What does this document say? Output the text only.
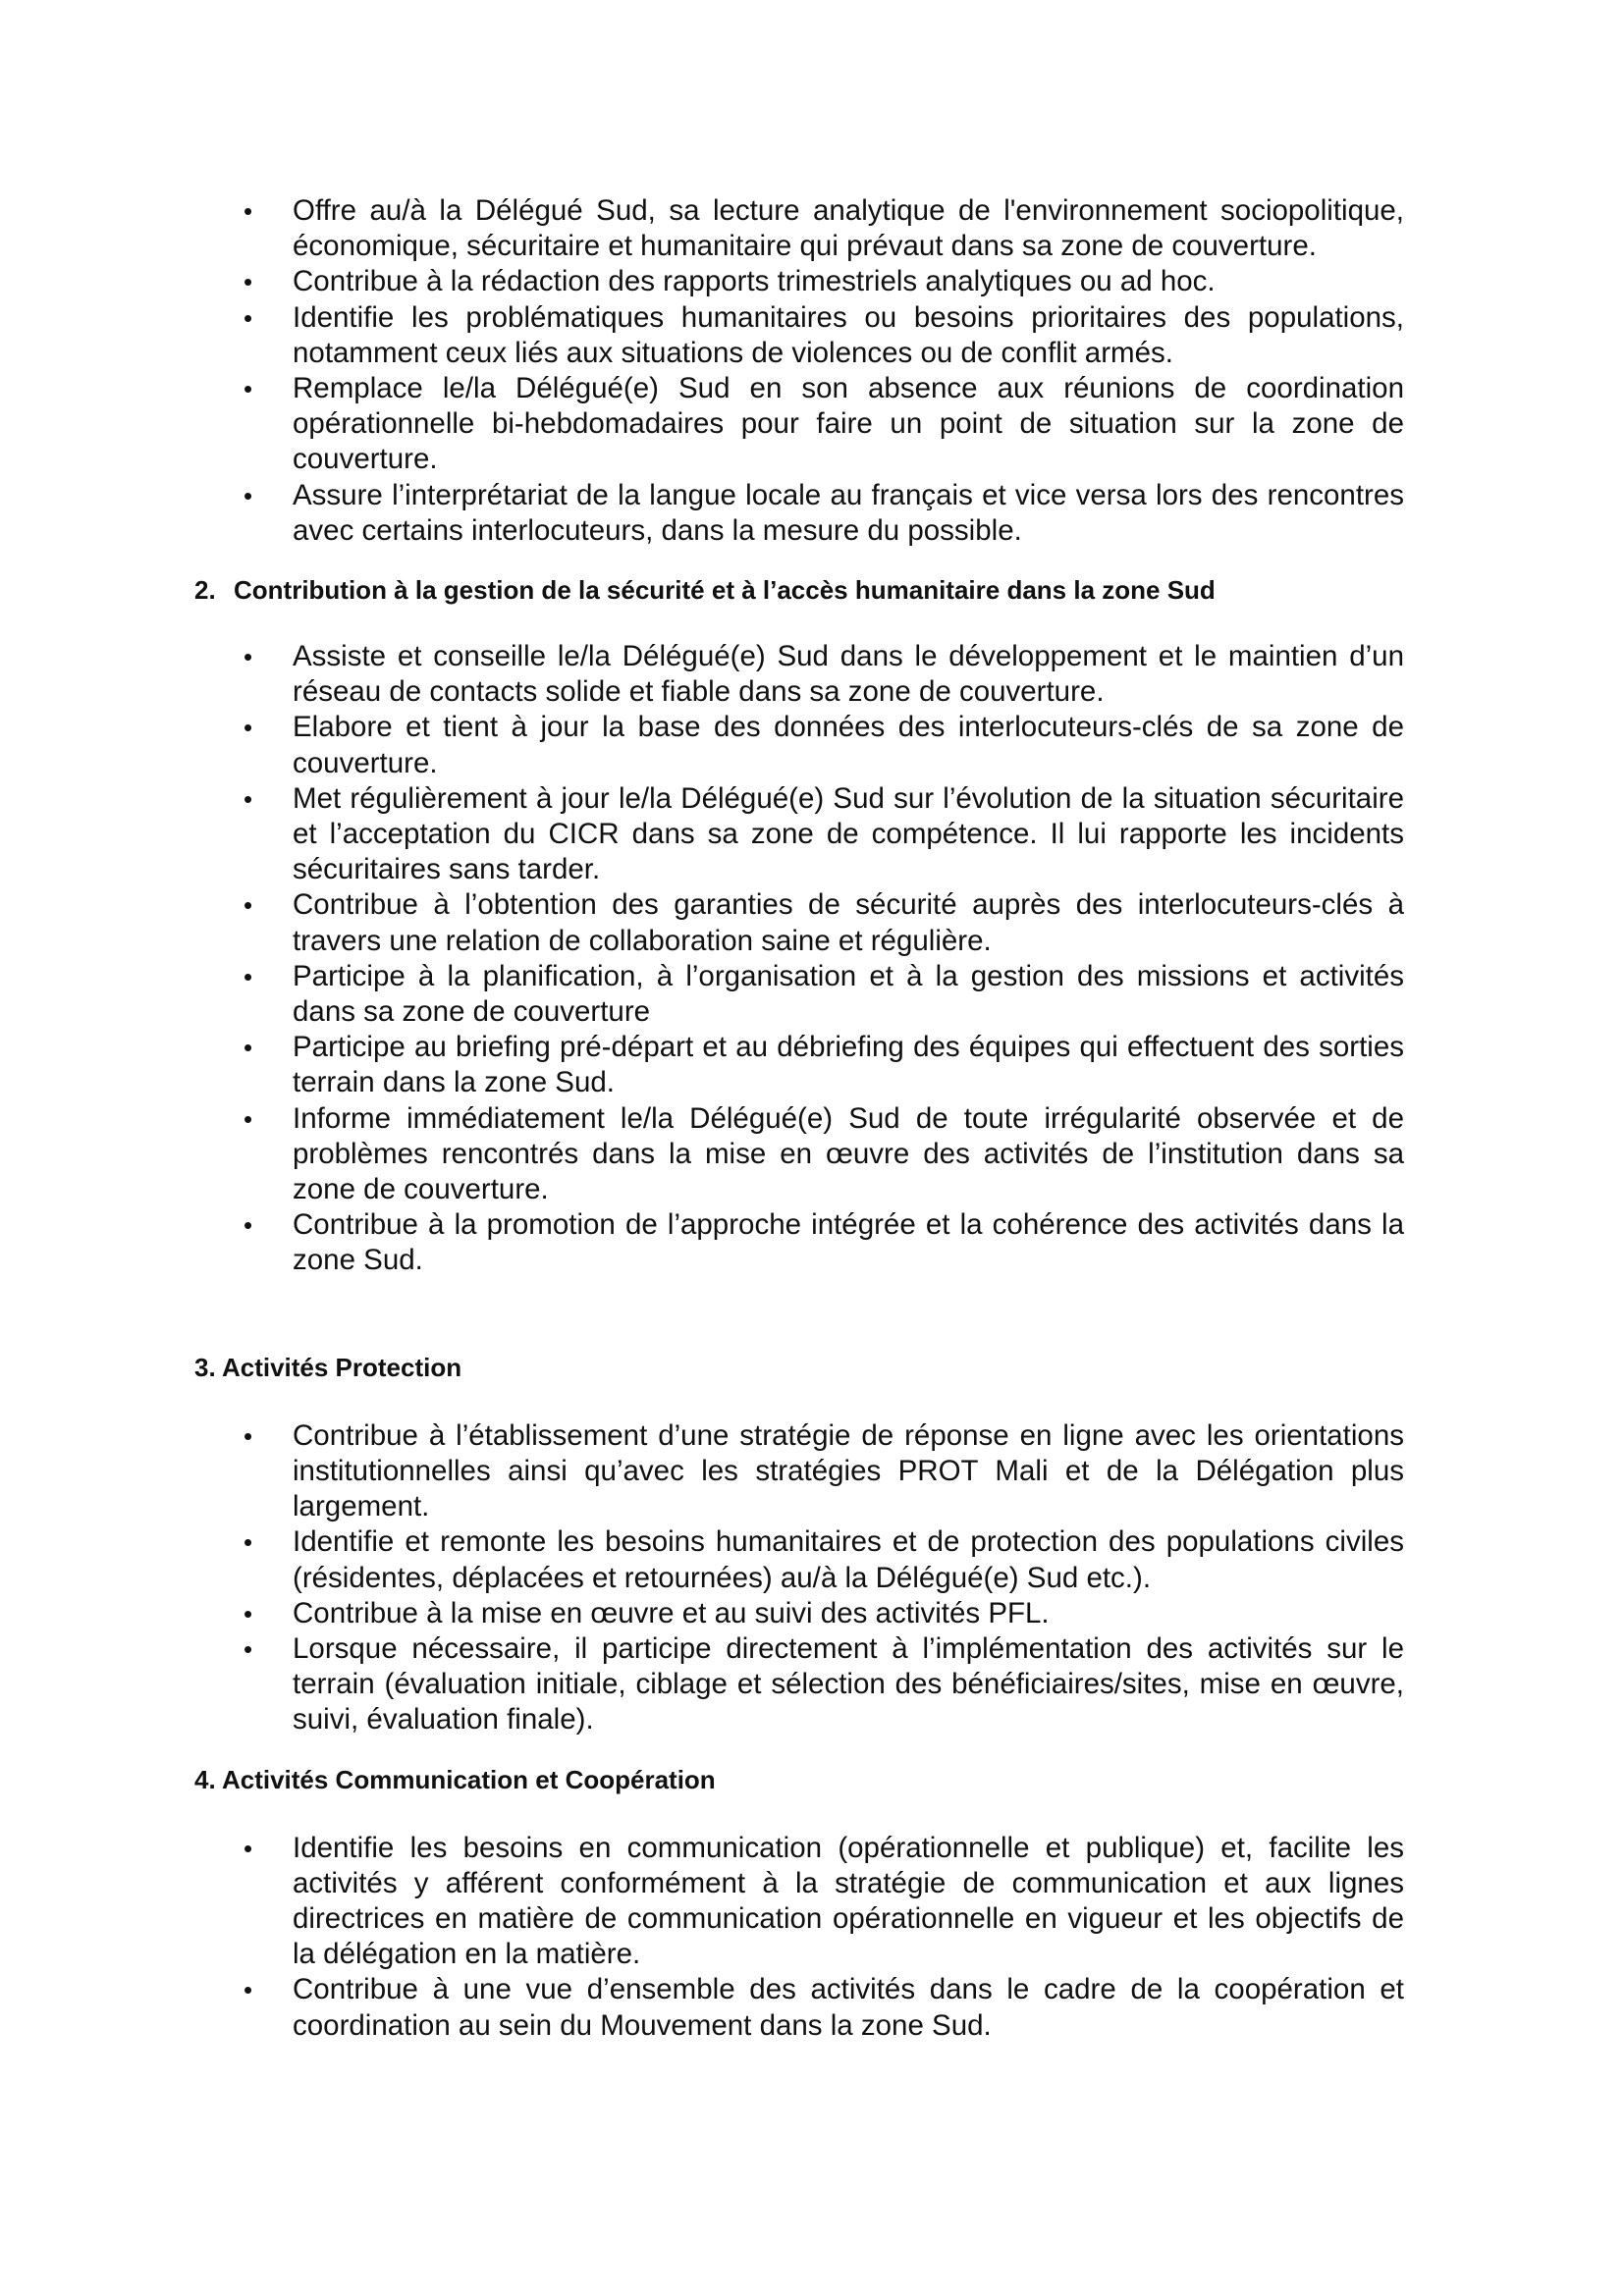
• Offre au/à la Délégué Sud, sa lecture analytique de l'environnement sociopolitique, économique, sécuritaire et humanitaire qui prévaut dans sa zone de couverture.
• Contribue à la rédaction des rapports trimestriels analytiques ou ad hoc.
• Identifie les problématiques humanitaires ou besoins prioritaires des populations, notamment ceux liés aux situations de violences ou de conflit armés.
• Remplace le/la Délégué(e) Sud en son absence aux réunions de coordination opérationnelle bi-hebdomadaires pour faire un point de situation sur la zone de couverture.
• Assure l’interprétariat de la langue locale au français et vice versa lors des rencontres avec certains interlocuteurs, dans la mesure du possible.

2. Contribution à la gestion de la sécurité et à l’accès humanitaire dans la zone Sud

• Assiste et conseille le/la Délégué(e) Sud dans le développement et le maintien d’un réseau de contacts solide et fiable dans sa zone de couverture.
• Elabore et tient à jour la base des données des interlocuteurs-clés de sa zone de couverture.
• Met régulièrement à jour le/la Délégué(e) Sud sur l’évolution de la situation sécuritaire et l’acceptation du CICR dans sa zone de compétence. Il lui rapporte les incidents sécuritaires sans tarder.
• Contribue à l’obtention des garanties de sécurité auprès des interlocuteurs-clés à travers une relation de collaboration saine et régulière.
• Participe à la planification, à l’organisation et à la gestion des missions et activités dans sa zone de couverture
• Participe au briefing pré-départ et au débriefing des équipes qui effectuent des sorties terrain dans la zone Sud.
• Informe immédiatement le/la Délégué(e) Sud de toute irrégularité observée et de problèmes rencontrés dans la mise en œuvre des activités de l’institution dans sa zone de couverture.
• Contribue à la promotion de l’approche intégrée et la cohérence des activités dans la zone Sud.

3. Activités Protection

• Contribue à l’établissement d’une stratégie de réponse en ligne avec les orientations institutionnelles ainsi qu’avec les stratégies PROT Mali et de la Délégation plus largement.
• Identifie et remonte les besoins humanitaires et de protection des populations civiles (résidentes, déplacées et retournées) au/à la Délégué(e) Sud etc.).
• Contribue à la mise en œuvre et au suivi des activités PFL.
• Lorsque nécessaire, il participe directement à l’implémentation des activités sur le terrain (évaluation initiale, ciblage et sélection des bénéficiaires/sites, mise en œuvre, suivi, évaluation finale).

4. Activités Communication et Coopération

• Identifie les besoins en communication (opérationnelle et publique) et, facilite les activités y afférent conformément à la stratégie de communication et aux lignes directrices en matière de communication opérationnelle en vigueur et les objectifs de la délégation en la matière.
• Contribue à une vue d’ensemble des activités dans le cadre de la coopération et coordination au sein du Mouvement dans la zone Sud.
